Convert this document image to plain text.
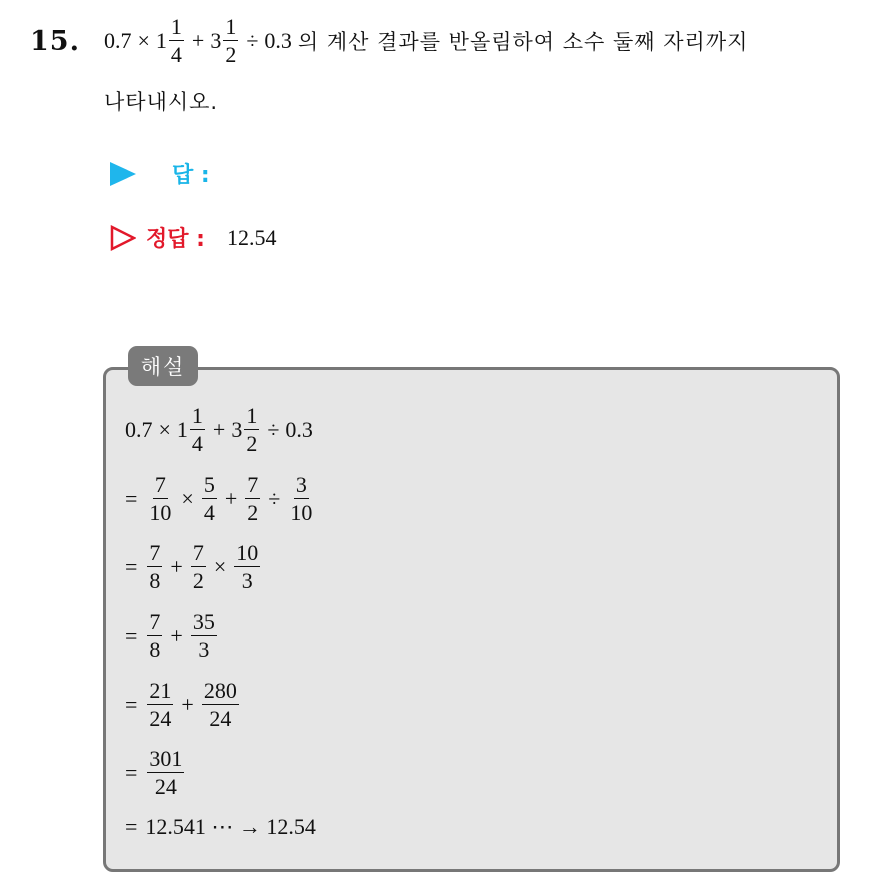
15. $0.7 \times 1 \frac{1}{4} + 3 \frac{1}{2} \div 0.3$ 의 계산 결과를 반올림하여 소수 둘째 자리까지
나타내시오.
답 :
정답 : 12.54
해설
$0.7 \times 1 \frac{1}{4} + 3 \frac{1}{2} \div 0.3$
= $\frac{7}{10} \times \frac{5}{4} + \frac{7}{2} \div \frac{3}{10}$
= $\frac{7}{8} + \frac{7}{2} \times \frac{10}{3}$
= $\frac{7}{8} + \frac{35}{3}$
= $\frac{21}{24} + \frac{280}{24}$
= $\frac{301}{24}$
= 12.541 ⋯ → 12.54
